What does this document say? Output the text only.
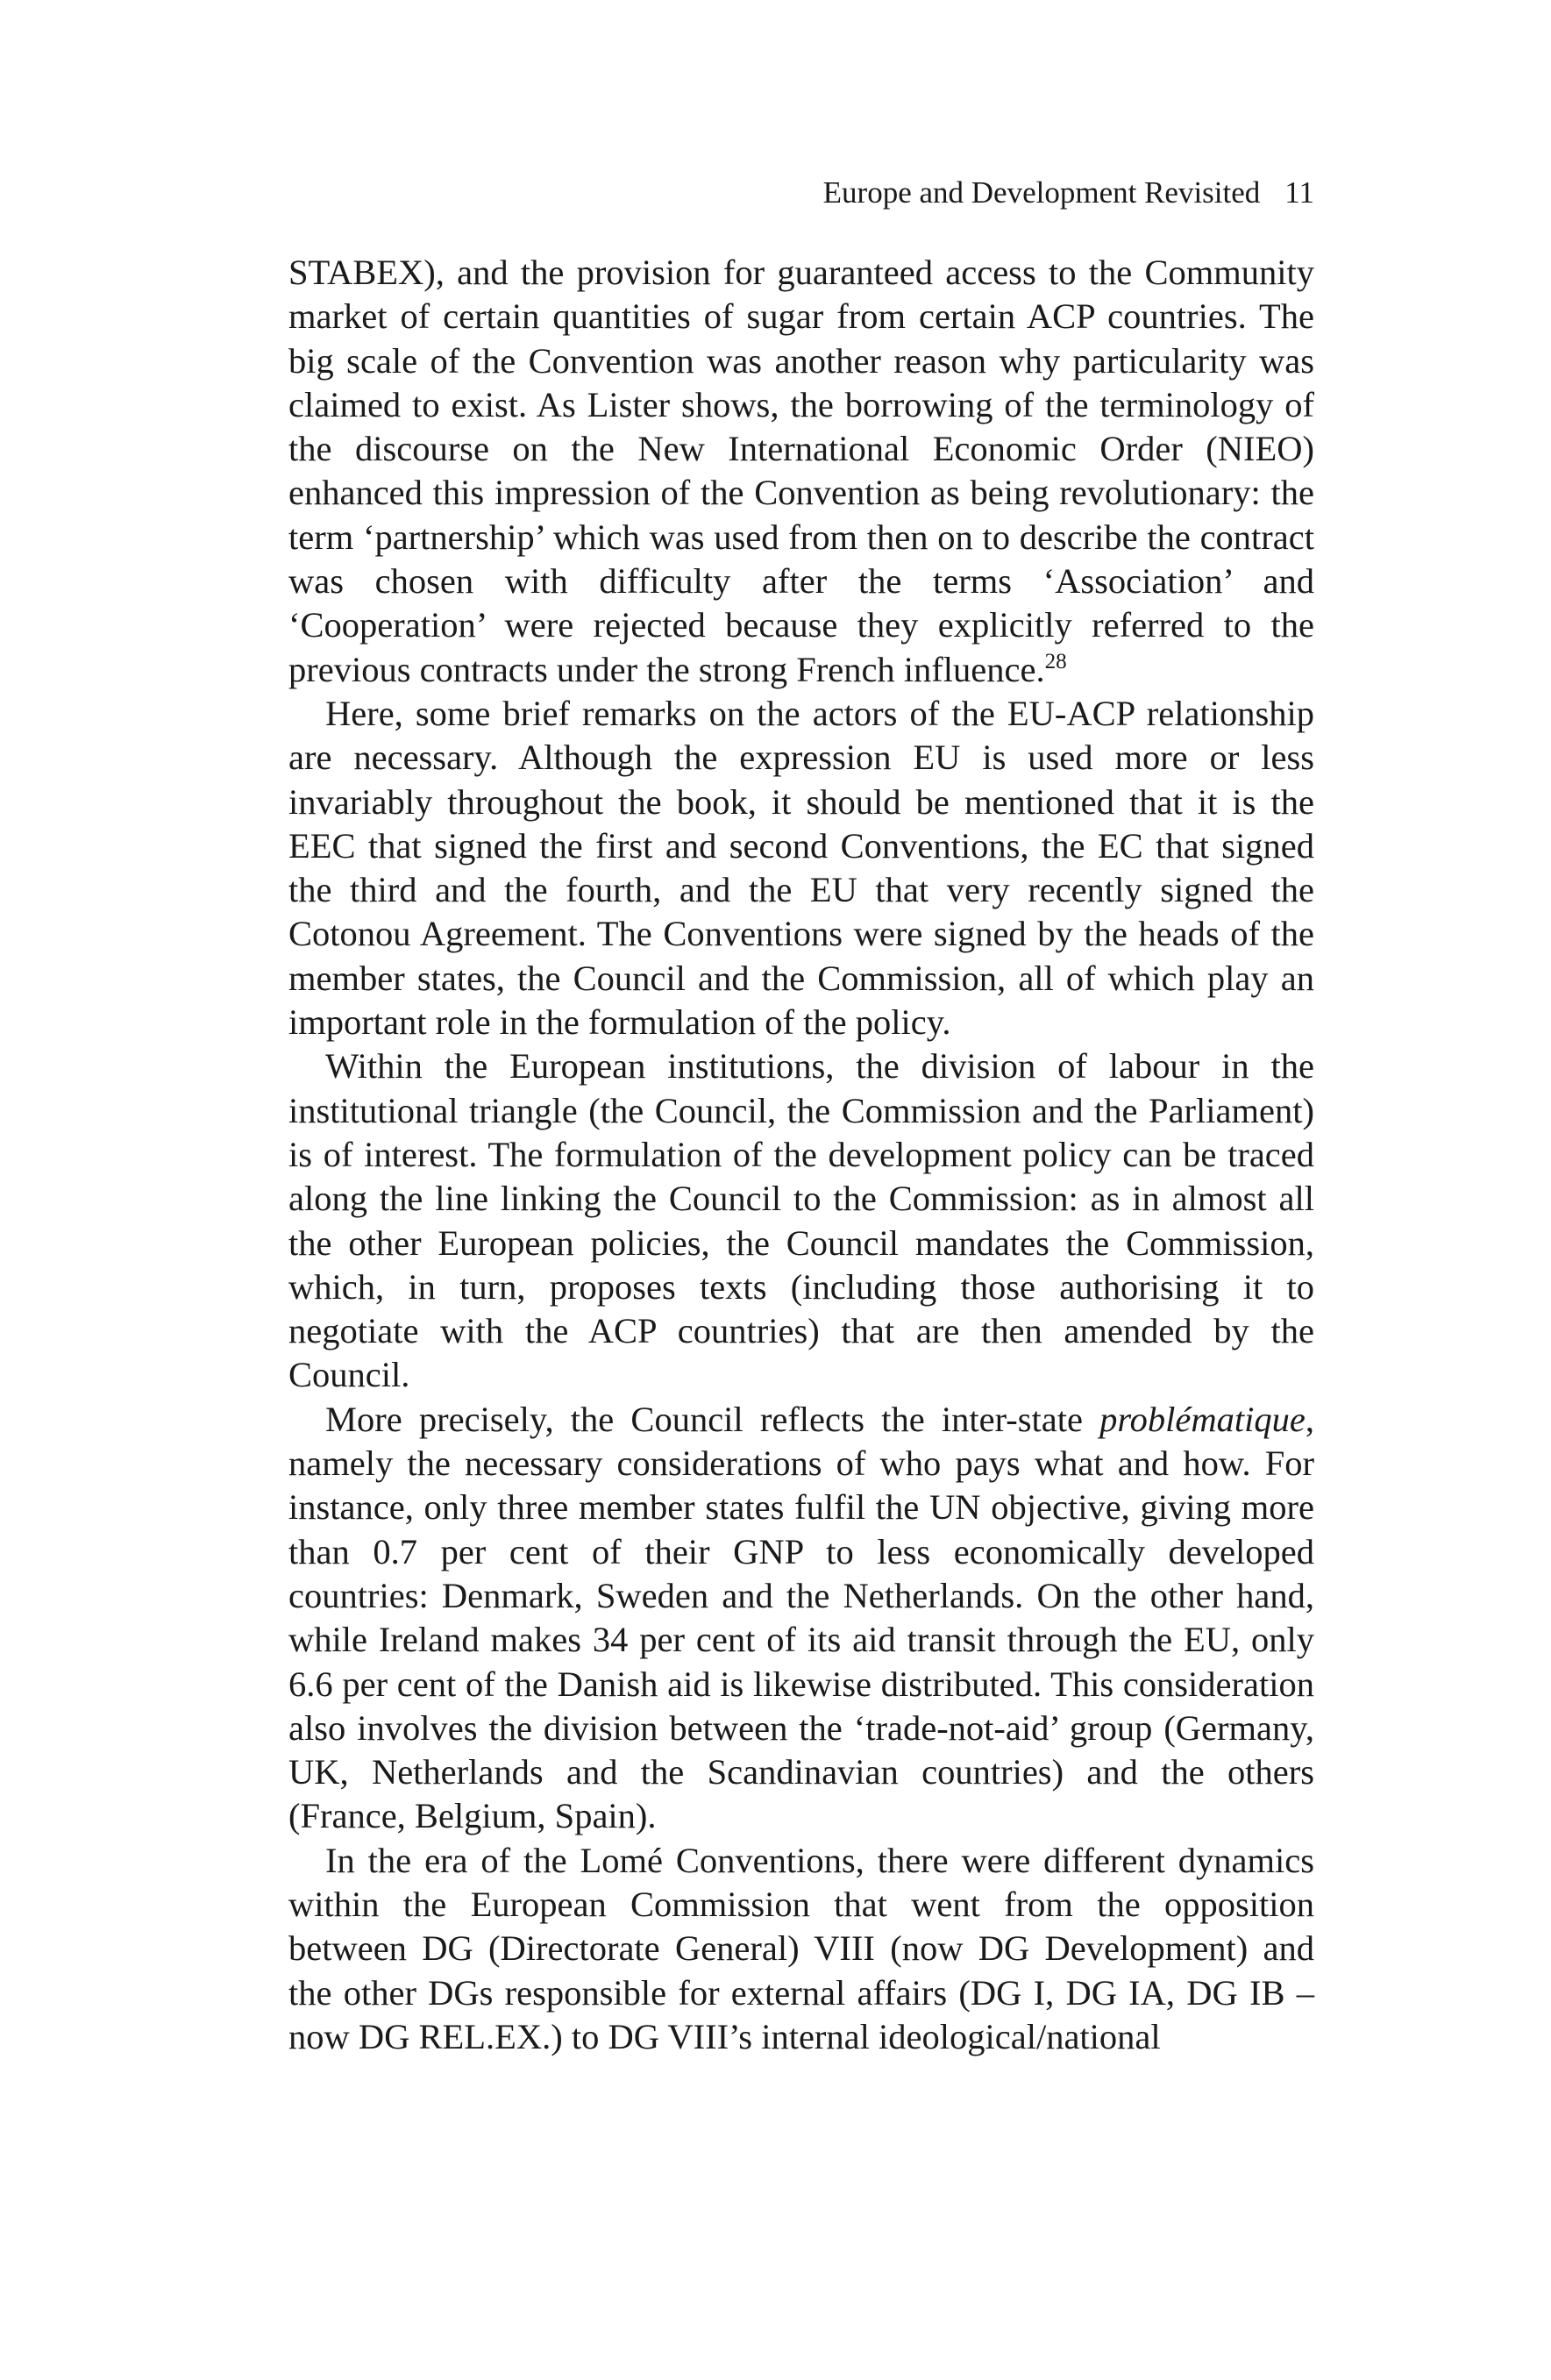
Europe and Development Revisited 11

STABEX), and the provision for guaranteed access to the Community market of certain quantities of sugar from certain ACP countries. The big scale of the Convention was another reason why particularity was claimed to exist. As Lister shows, the borrowing of the terminology of the discourse on the New International Economic Order (NIEO) enhanced this impression of the Convention as being revolutionary: the term ‘partnership’ which was used from then on to describe the contract was chosen with difficulty after the terms ‘Association’ and ‘Cooperation’ were rejected because they explicitly referred to the previous contracts under the strong French influence.$^{28}$

Here, some brief remarks on the actors of the EU-ACP relationship are necessary. Although the expression EU is used more or less invariably throughout the book, it should be mentioned that it is the EEC that signed the first and second Conventions, the EC that signed the third and the fourth, and the EU that very recently signed the Cotonou Agreement. The Conventions were signed by the heads of the member states, the Council and the Commission, all of which play an important role in the formulation of the policy.

Within the European institutions, the division of labour in the institutional triangle (the Council, the Commission and the Parliament) is of interest. The formulation of the development policy can be traced along the line linking the Council to the Commission: as in almost all the other European policies, the Council mandates the Commission, which, in turn, proposes texts (including those authorising it to negotiate with the ACP countries) that are then amended by the Council.

More precisely, the Council reflects the inter-state problématique, namely the necessary considerations of who pays what and how. For instance, only three member states fulfil the UN objective, giving more than 0.7 per cent of their GNP to less economically developed countries: Denmark, Sweden and the Netherlands. On the other hand, while Ireland makes 34 per cent of its aid transit through the EU, only 6.6 per cent of the Danish aid is likewise distributed. This consideration also involves the division between the ‘trade-not-aid’ group (Germany, UK, Netherlands and the Scandinavian countries) and the others (France, Belgium, Spain).

In the era of the Lomé Conventions, there were different dynamics within the European Commission that went from the opposition between DG (Directorate General) VIII (now DG Development) and the other DGs responsible for external affairs (DG I, DG IA, DG IB – now DG REL.EX.) to DG VIII’s internal ideological/national
